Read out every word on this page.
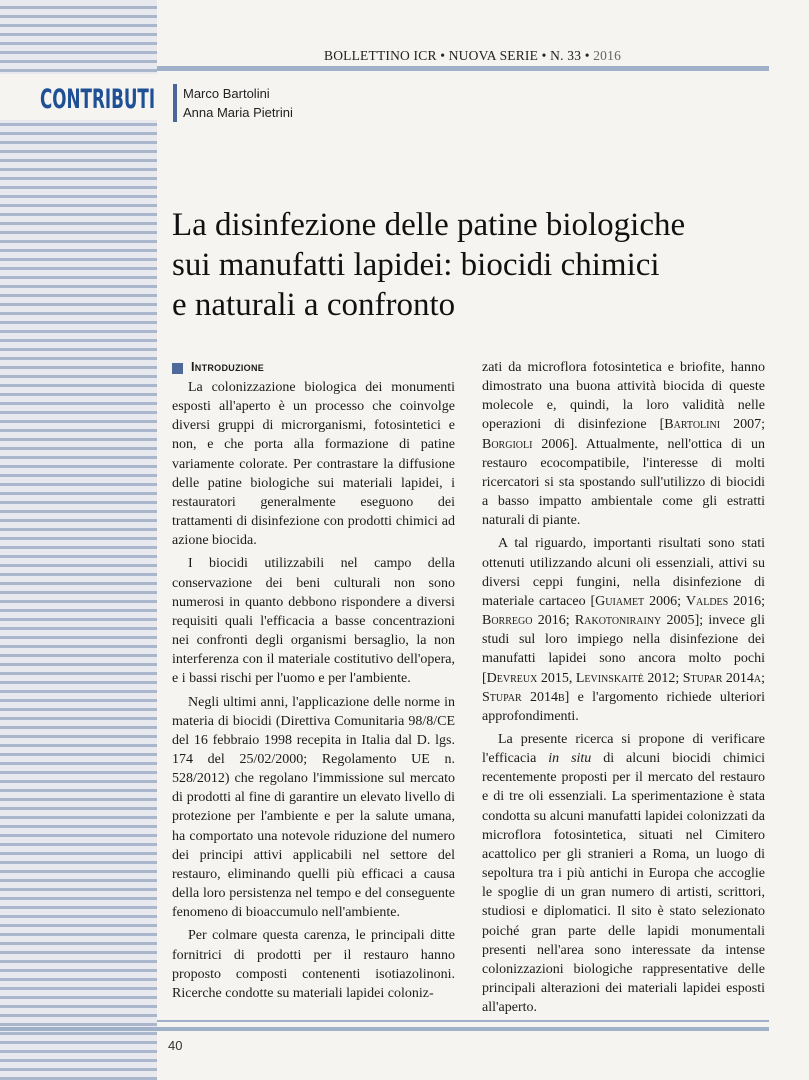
BOLLETTINO ICR • NUOVA SERIE • N. 33 • 2016
CONTRIBUTI Marco Bartolini
Anna Maria Pietrini
La disinfezione delle patine biologiche
sui manufatti lapidei: biocidi chimici
e naturali a confronto
Introduzione

La colonizzazione biologica dei monumenti esposti all'aperto è un processo che coinvolge diversi gruppi di microrganismi, fotosintetici e non, e che porta alla formazione di patine variamente colorate. Per contrastare la diffusione delle patine biologiche sui materiali lapidei, i restauratori generalmente eseguono dei trattamenti di disinfezione con prodotti chimici ad azione biocida.

I biocidi utilizzabili nel campo della conservazione dei beni culturali non sono numerosi in quanto debbono rispondere a diversi requisiti quali l'efficacia a basse concentrazioni nei confronti degli organismi bersaglio, la non interferenza con il materiale costitutivo dell'opera, e i bassi rischi per l'uomo e per l'ambiente.

Negli ultimi anni, l'applicazione delle norme in materia di biocidi (Direttiva Comunitaria 98/8/CE del 16 febbraio 1998 recepita in Italia dal D. lgs. 174 del 25/02/2000; Regolamento UE n. 528/2012) che regolano l'immissione sul mercato di prodotti al fine di garantire un elevato livello di protezione per l'ambiente e per la salute umana, ha comportato una notevole riduzione del numero dei principi attivi applicabili nel settore del restauro, eliminando quelli più efficaci a causa della loro persistenza nel tempo e del conseguente fenomeno di bioaccumulo nell'ambiente.

Per colmare questa carenza, le principali ditte fornitrici di prodotti per il restauro hanno proposto composti contenenti isotiazolinoni. Ricerche condotte su materiali lapidei coloniz-

zati da microflora fotosintetica e briofite, hanno dimostrato una buona attività biocida di queste molecole e, quindi, la loro validità nelle operazioni di disinfezione [Bartolini 2007; Borgioli 2006]. Attualmente, nell'ottica di un restauro ecocompatibile, l'interesse di molti ricercatori si sta spostando sull'utilizzo di biocidi a basso impatto ambientale come gli estratti naturali di piante.

A tal riguardo, importanti risultati sono stati ottenuti utilizzando alcuni oli essenziali, attivi su diversi ceppi fungini, nella disinfezione di materiale cartaceo [Guiamet 2006; Valdes 2016; Borrego 2016; Rakotonirainy 2005]; invece gli studi sul loro impiego nella disinfezione dei manufatti lapidei sono ancora molto pochi [Devreux 2015, Levinskaitė 2012; Stupar 2014a; Stupar 2014b] e l'argomento richiede ulteriori approfondimenti.

La presente ricerca si propone di verificare l'efficacia in situ di alcuni biocidi chimici recentemente proposti per il mercato del restauro e di tre oli essenziali. La sperimentazione è stata condotta su alcuni manufatti lapidei colonizzati da microflora fotosintetica, situati nel Cimitero acattolico per gli stranieri a Roma, un luogo di sepoltura tra i più antichi in Europa che accoglie le spoglie di un gran numero di artisti, scrittori, studiosi e diplomatici. Il sito è stato selezionato poiché gran parte delle lapidi monumentali presenti nell'area sono interessate da intense colonizzazioni biologiche rappresentative delle principali alterazioni dei materiali lapidei esposti all'aperto.

40
